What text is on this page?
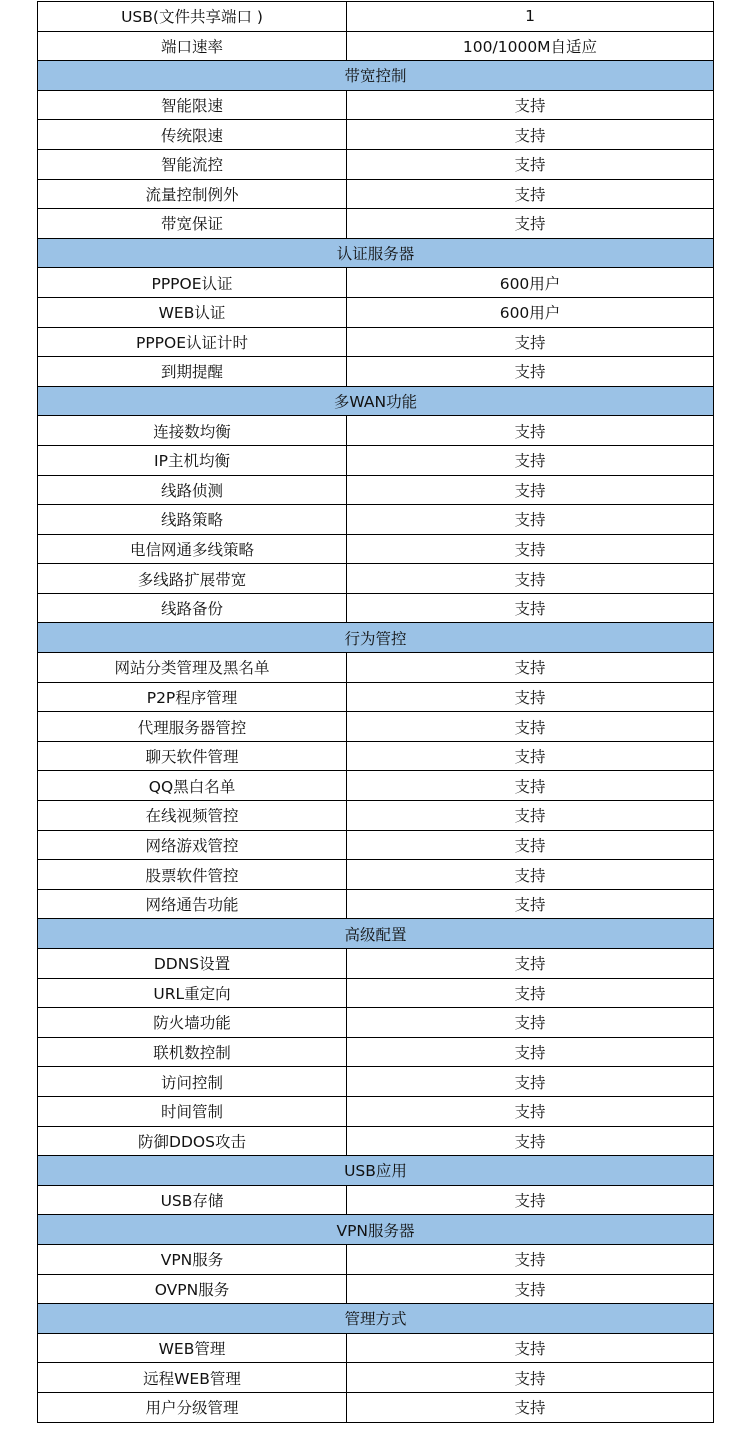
USB(文件共享端口 )	1
端口速率	100/1000M自适应
带宽控制	
智能限速	支持
传统限速	支持
智能流控	支持
流量控制例外	支持
带宽保证	支持
认证服务器	
PPPOE认证	600用户
WEB认证	600用户
PPPOE认证计时	支持
到期提醒	支持
多WAN功能	
连接数均衡	支持
IP主机均衡	支持
线路侦测	支持
线路策略	支持
电信网通多线策略	支持
多线路扩展带宽	支持
线路备份	支持
行为管控	
网站分类管理及黑名单	支持
P2P程序管理	支持
代理服务器管控	支持
聊天软件管理	支持
QQ黑白名单	支持
在线视频管控	支持
网络游戏管控	支持
股票软件管控	支持
网络通告功能	支持
高级配置	
DDNS设置	支持
URL重定向	支持
防火墙功能	支持
联机数控制	支持
访问控制	支持
时间管制	支持
防御DDOS攻击	支持
USB应用	
USB存储	支持
VPN服务器	
VPN服务	支持
OVPN服务	支持
管理方式	
WEB管理	支持
远程WEB管理	支持
用户分级管理	支持
